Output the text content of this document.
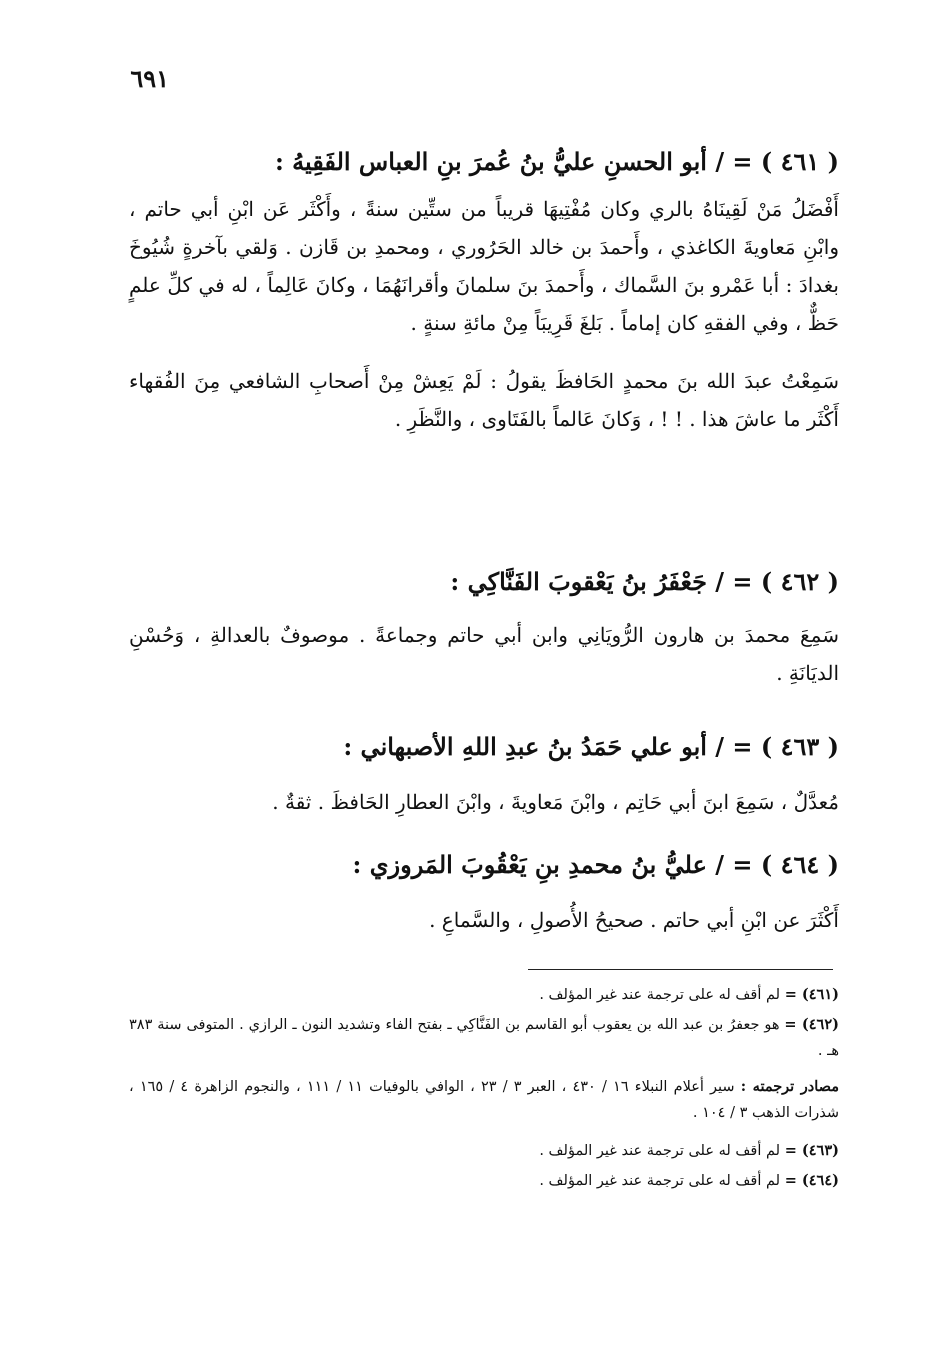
٦٩١
( ٤٦١ ) = / أبو الحسنِ عليُّ بنُ عُمرَ بنِ العباس الفَقِيهُ :

أَفْضَلُ مَنْ لَقِينَاهُ بالري وكان مُفْتِيهَا قريباً من ستِّين سنةً ، وأَكْثَر عَن ابْنِ أبي حاتم ، وابْنِ مَعاويةَ الكاغذي ، وأَحمدَ بن خالد الحَرُوري ، ومحمدِ بن قَازن . وَلقي بآخرةٍ شُيُوخَ بغدادَ : أبا عَمْرو بنَ السَّماك ، وأَحمدَ بنَ سلمانَ وأقرانَهُمَا ، وكانَ عَالِماً ، له في كلِّ علمٍ حَظٌّ ، وفي الفقهِ كان إماماً . بَلغَ قَرِيبَاً مِنْ مائةِ سنةٍ .

سَمِعْتُ عبدَ الله بنَ محمدٍ الحَافظَ يقولُ : لَمْ يَعِشْ مِنْ أَصحابِ الشافعي مِنَ الفُقهاء أَكْثَر ما عاشَ هذا . ! ! ، وَكانَ عَالماً بالفَتَاوى ، والنَّظَرِ .

( ٤٦٢ ) = / جَعْفَرُ بنُ يَعْقوبَ الفَنَّاكِي :

سَمِعَ محمدَ بن هارون الرُّويَانِي وابن أبي حاتم وجماعةً . موصوفٌ بالعدالةِ ، وَحُسْنِ الديَانَةِ .

( ٤٦٣ ) = / أبو علي حَمَدُ بنُ عبدِ اللهِ الأصبهاني :

مُعدَّلٌ ، سَمِعَ ابنَ أبي حَاتِم ، وابْنَ مَعاويةَ ، وابْنَ العطارِ الحَافظَ . ثقةٌ .

( ٤٦٤ ) = / عليُّ بنُ محمدِ بنِ يَعْقُوبَ المَروزي :

أَكْثَرَ عن ابْنِ أبي حاتم . صحيحُ الأُصولِ ، والسَّماعِ .

(٤٦١) = لم أقف له على ترجمة عند غير المؤلف .

(٤٦٢) = هو جعفرُ بن عبد الله بن يعقوب أبو القاسم بن الفَنَّاكِي ـ بفتح الفاء وتشديد النون ـ الرازي . المتوفى سنة ٣٨٣ هـ .

مصادر ترجمته : سير أعلام النبلاء ١٦ / ٤٣٠ ، العبر ٣ / ٢٣ ، الوافي بالوفيات ١١ / ١١١ ، والنجوم الزاهرة ٤ / ١٦٥ ، شذرات الذهب ٣ / ١٠٤ .

(٤٦٣) = لم أقف له على ترجمة عند غير المؤلف .

(٤٦٤) = لم أقف له على ترجمة عند غير المؤلف .
